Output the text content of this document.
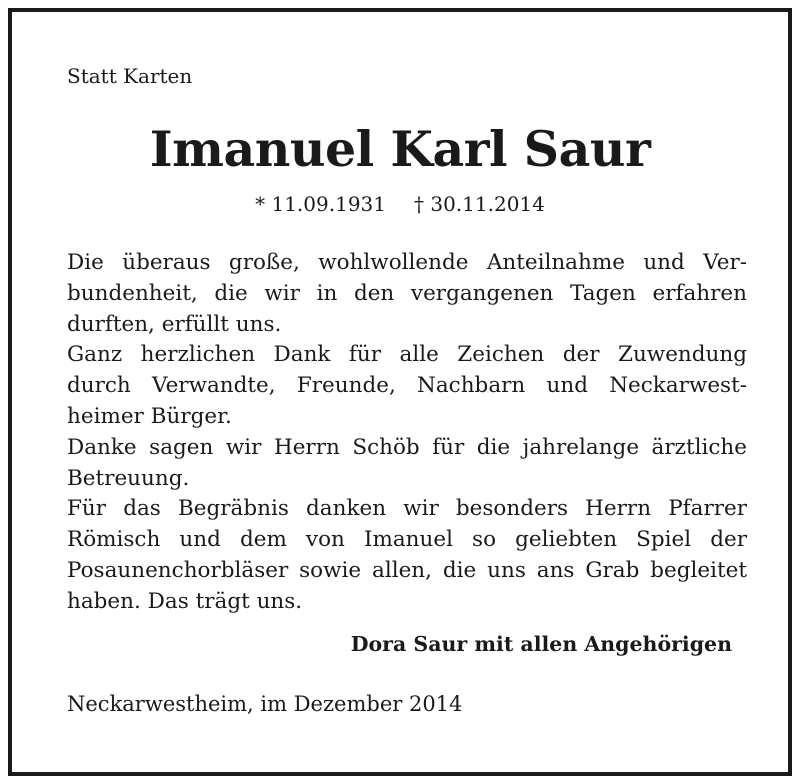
Statt Karten
Imanuel Karl Saur
* 11.09.1931 † 30.11.2014
Die überaus große, wohlwollende Anteilnahme und Ver-
bundenheit, die wir in den vergangenen Tagen erfahren
durften, erfüllt uns.
Ganz herzlichen Dank für alle Zeichen der Zuwendung
durch Verwandte, Freunde, Nachbarn und Neckarwest-
heimer Bürger.
Danke sagen wir Herrn Schöb für die jahrelange ärztliche
Betreuung.
Für das Begräbnis danken wir besonders Herrn Pfarrer
Römisch und dem von Imanuel so geliebten Spiel der
Posaunenchorbläser sowie allen, die uns ans Grab begleitet
haben. Das trägt uns.
Dora Saur mit allen Angehörigen
Neckarwestheim, im Dezember 2014
